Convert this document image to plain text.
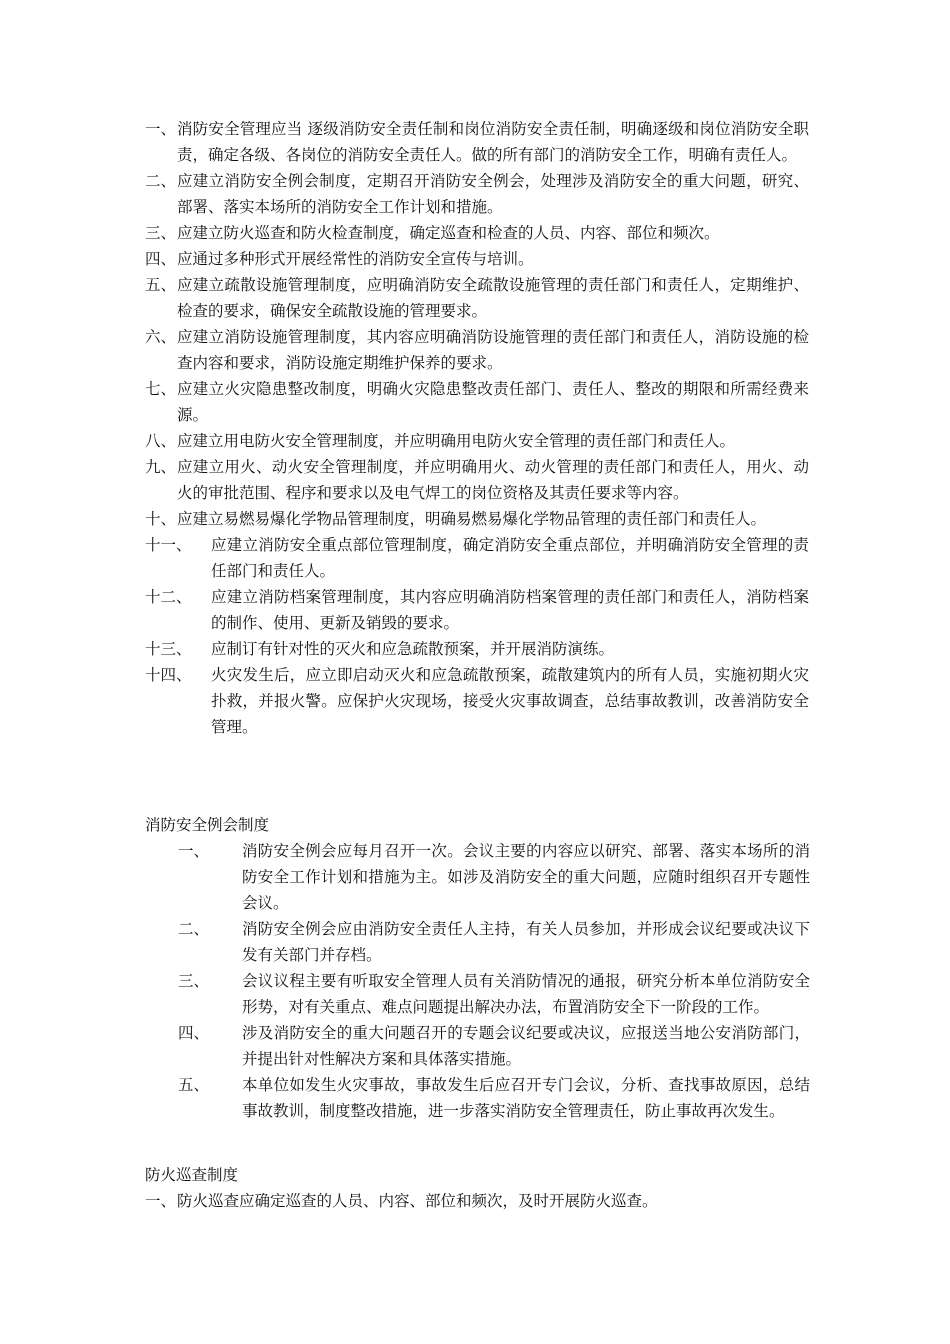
一、 消防安全管理应当 逐级消防安全责任制和岗位消防安全责任制，明确逐级和岗位消防安全职责，确定各级、各岗位的消防安全责任人。做的所有部门的消防安全工作，明确有责任人。
二、 应建立消防安全例会制度，定期召开消防安全例会，处理涉及消防安全的重大问题，研究、部署、落实本场所的消防安全工作计划和措施。
三、 应建立防火巡查和防火检查制度，确定巡查和检查的人员、内容、部位和频次。
四、 应通过多种形式开展经常性的消防安全宣传与培训。
五、 应建立疏散设施管理制度，应明确消防安全疏散设施管理的责任部门和责任人，定期维护、检查的要求，确保安全疏散设施的管理要求。
六、 应建立消防设施管理制度，其内容应明确消防设施管理的责任部门和责任人，消防设施的检查内容和要求，消防设施定期维护保养的要求。
七、 应建立火灾隐患整改制度，明确火灾隐患整改责任部门、责任人、整改的期限和所需经费来源。
八、 应建立用电防火安全管理制度，并应明确用电防火安全管理的责任部门和责任人。
九、 应建立用火、动火安全管理制度，并应明确用火、动火管理的责任部门和责任人，用火、动火的审批范围、程序和要求以及电气焊工的岗位资格及其责任要求等内容。
十、 应建立易燃易爆化学物品管理制度，明确易燃易爆化学物品管理的责任部门和责任人。
十一、	应建立消防安全重点部位管理制度，确定消防安全重点部位，并明确消防安全管理的责任部门和责任人。
十二、	应建立消防档案管理制度，其内容应明确消防档案管理的责任部门和责任人，消防档案的制作、使用、更新及销毁的要求。
十三、	应制订有针对性的灭火和应急疏散预案，并开展消防演练。
十四、	火灾发生后，应立即启动灭火和应急疏散预案，疏散建筑内的所有人员，实施初期火灾扑救，并报火警。应保护火灾现场，接受火灾事故调查，总结事故教训，改善消防安全管理。
消防安全例会制度
一、	消防安全例会应每月召开一次。会议主要的内容应以研究、部署、落实本场所的消防安全工作计划和措施为主。如涉及消防安全的重大问题，应随时组织召开专题性会议。
二、	消防安全例会应由消防安全责任人主持，有关人员参加，并形成会议纪要或决议下发有关部门并存档。
三、	会议议程主要有听取安全管理人员有关消防情况的通报，研究分析本单位消防安全形势，对有关重点、难点问题提出解决办法，布置消防安全下一阶段的工作。
四、	涉及消防安全的重大问题召开的专题会议纪要或决议，应报送当地公安消防部门，并提出针对性解决方案和具体落实措施。
五、	本单位如发生火灾事故，事故发生后应召开专门会议，分析、查找事故原因，总结事故教训，制度整改措施，进一步落实消防安全管理责任，防止事故再次发生。
防火巡查制度
一、 防火巡查应确定巡查的人员、内容、部位和频次，及时开展防火巡查。
